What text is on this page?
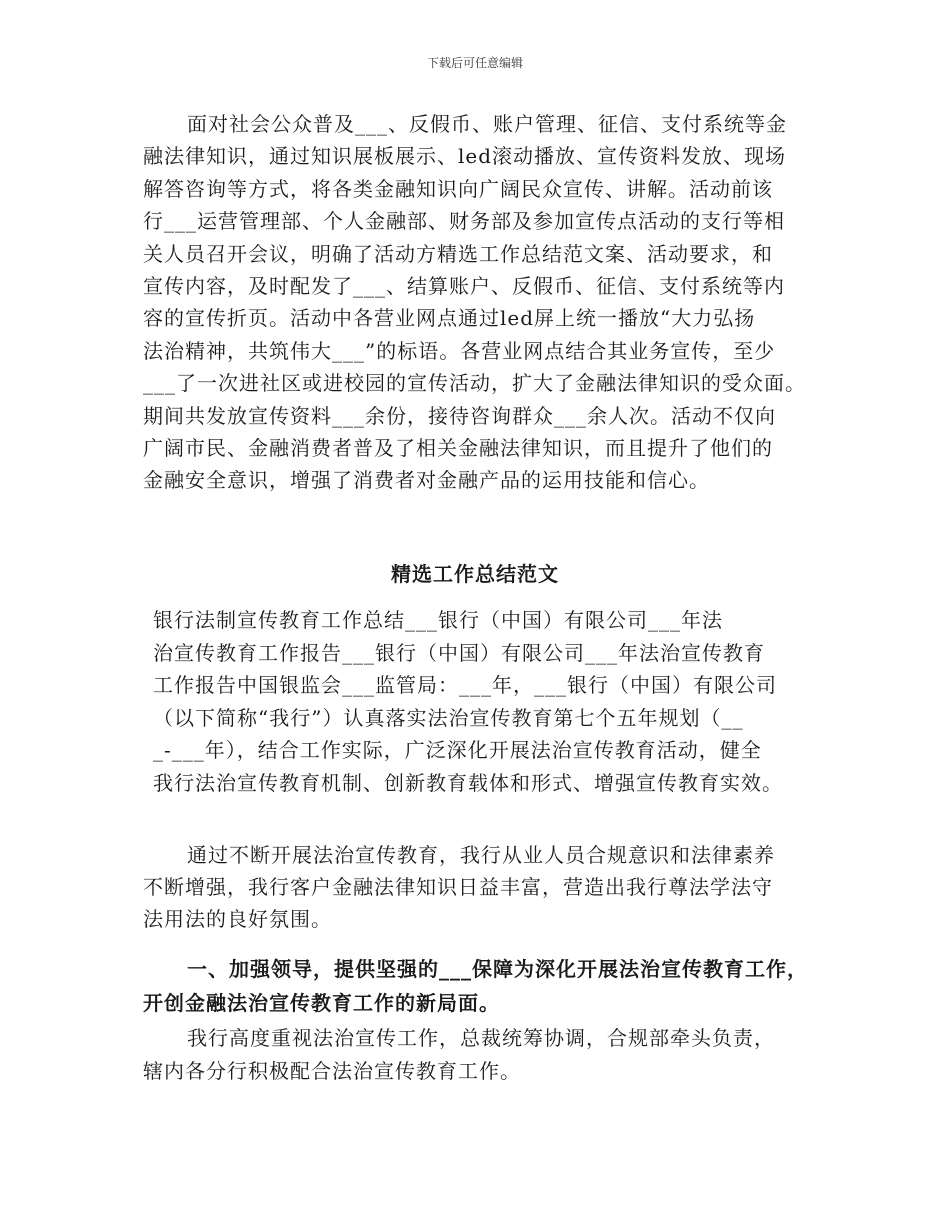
下载后可任意编辑
面对社会公众普及___、反假币、账户管理、征信、支付系统等金
融法律知识，通过知识展板展示、led滚动播放、宣传资料发放、现场
解答咨询等方式，将各类金融知识向广阔民众宣传、讲解。活动前该
行___运营管理部、个人金融部、财务部及参加宣传点活动的支行等相
关人员召开会议，明确了活动方精选工作总结范文案、活动要求，和
宣传内容，及时配发了___、结算账户、反假币、征信、支付系统等内
容的宣传折页。活动中各营业网点通过led屏上统一播放“大力弘扬
法治精神，共筑伟大___”的标语。各营业网点结合其业务宣传，至少
___了一次进社区或进校园的宣传活动，扩大了金融法律知识的受众面。
期间共发放宣传资料___余份，接待咨询群众___余人次。活动不仅向
广阔市民、金融消费者普及了相关金融法律知识，而且提升了他们的
金融安全意识，增强了消费者对金融产品的运用技能和信心。
精选工作总结范文
银行法制宣传教育工作总结___银行（中国）有限公司___年法
治宣传教育工作报告___银行（中国）有限公司___年法治宣传教育
工作报告中国银监会___监管局：___年，___银行（中国）有限公司
（以下简称“我行”）认真落实法治宣传教育第七个五年规划（__
_-___年），结合工作实际，广泛深化开展法治宣传教育活动，健全
我行法治宣传教育机制、创新教育载体和形式、增强宣传教育实效。
通过不断开展法治宣传教育，我行从业人员合规意识和法律素养
不断增强，我行客户金融法律知识日益丰富，营造出我行尊法学法守
法用法的良好氛围。
一、加强领导，提供坚强的___保障为深化开展法治宣传教育工作，
开创金融法治宣传教育工作的新局面。
我行高度重视法治宣传工作，总裁统筹协调，合规部牵头负责，
辖内各分行积极配合法治宣传教育工作。
